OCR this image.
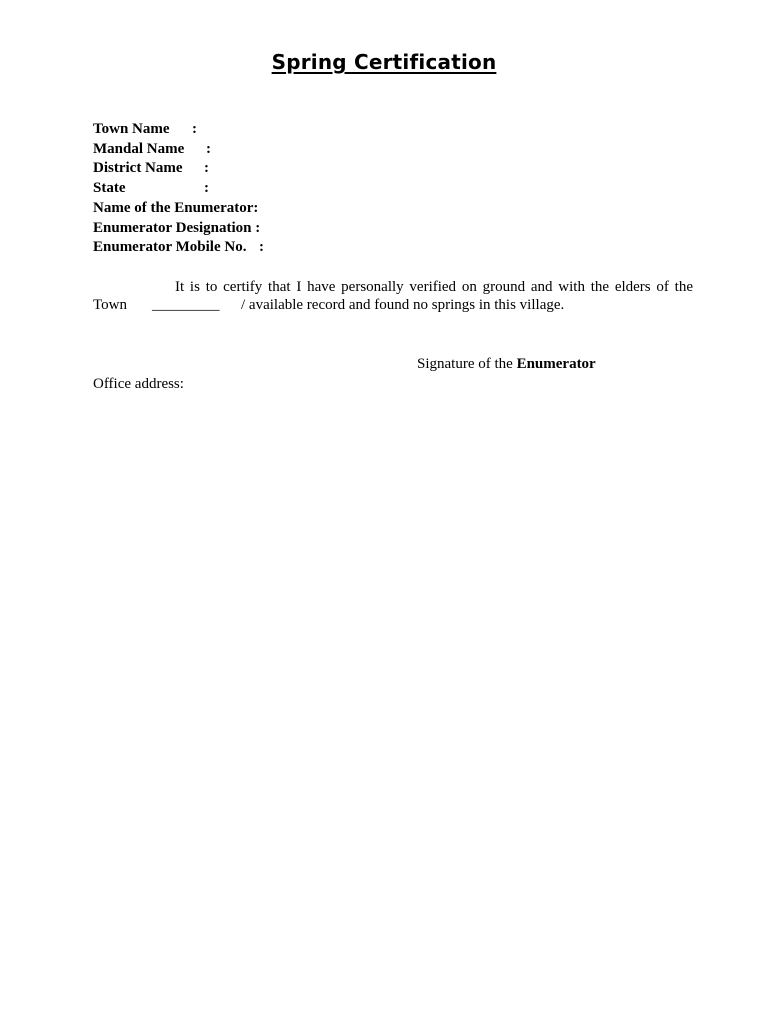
Spring Certification
Town Name :
Mandal Name :
District Name :
State	:
Name of the Enumerator:
Enumerator Designation :
Enumerator Mobile No. :
It is to certify that I have personally verified on ground and with the elders of the
Town _________ / available record and found no springs in this village.
Signature of the Enumerator
Office address:
